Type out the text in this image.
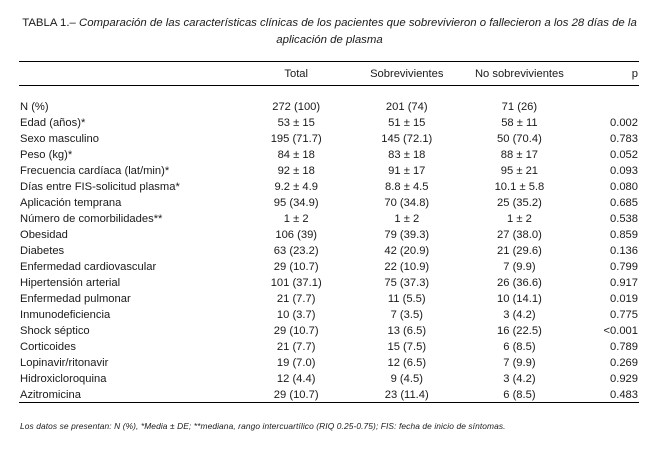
TABLA 1.– Comparación de las características clínicas de los pacientes que sobrevivieron o fallecieron a los 28 días de la aplicación de plasma
	Total	Sobrevivientes	No sobrevivientes	p

N (%)	272 (100)	201 (74)	71 (26)	
Edad (años)*	53 ± 15	51 ± 15	58 ± 11	0.002
Sexo masculino	195 (71.7)	145 (72.1)	50 (70.4)	0.783
Peso (kg)*	84 ± 18	83 ± 18	88 ± 17	0.052
Frecuencia cardíaca (lat/min)*	92 ± 18	91 ± 17	95 ± 21	0.093
Días entre FIS-solicitud plasma*	9.2 ± 4.9	8.8 ± 4.5	10.1 ± 5.8	0.080
Aplicación temprana	95 (34.9)	70 (34.8)	25 (35.2)	0.685
Número de comorbilidades**	1 ± 2	1 ± 2	1 ± 2	0.538
Obesidad	106 (39)	79 (39.3)	27 (38.0)	0.859
Diabetes	63 (23.2)	42 (20.9)	21 (29.6)	0.136
Enfermedad cardiovascular	29 (10.7)	22 (10.9)	7 (9.9)	0.799
Hipertensión arterial	101 (37.1)	75 (37.3)	26 (36.6)	0.917
Enfermedad pulmonar	21 (7.7)	11 (5.5)	10 (14.1)	0.019
Inmunodeficiencia	10 (3.7)	7 (3.5)	3 (4.2)	0.775
Shock séptico	29 (10.7)	13 (6.5)	16 (22.5)	<0.001
Corticoides	21 (7.7)	15 (7.5)	6 (8.5)	0.789
Lopinavir/ritonavir	19 (7.0)	12 (6.5)	7 (9.9)	0.269
Hidroxicloroquina	12 (4.4)	9 (4.5)	3 (4.2)	0.929
Azitromicina	29 (10.7)	23 (11.4)	6 (8.5)	0.483
Los datos se presentan: N (%), *Media ± DE; **mediana, rango intercuartílico (RIQ 0.25-0.75); FIS: fecha de inicio de síntomas.
